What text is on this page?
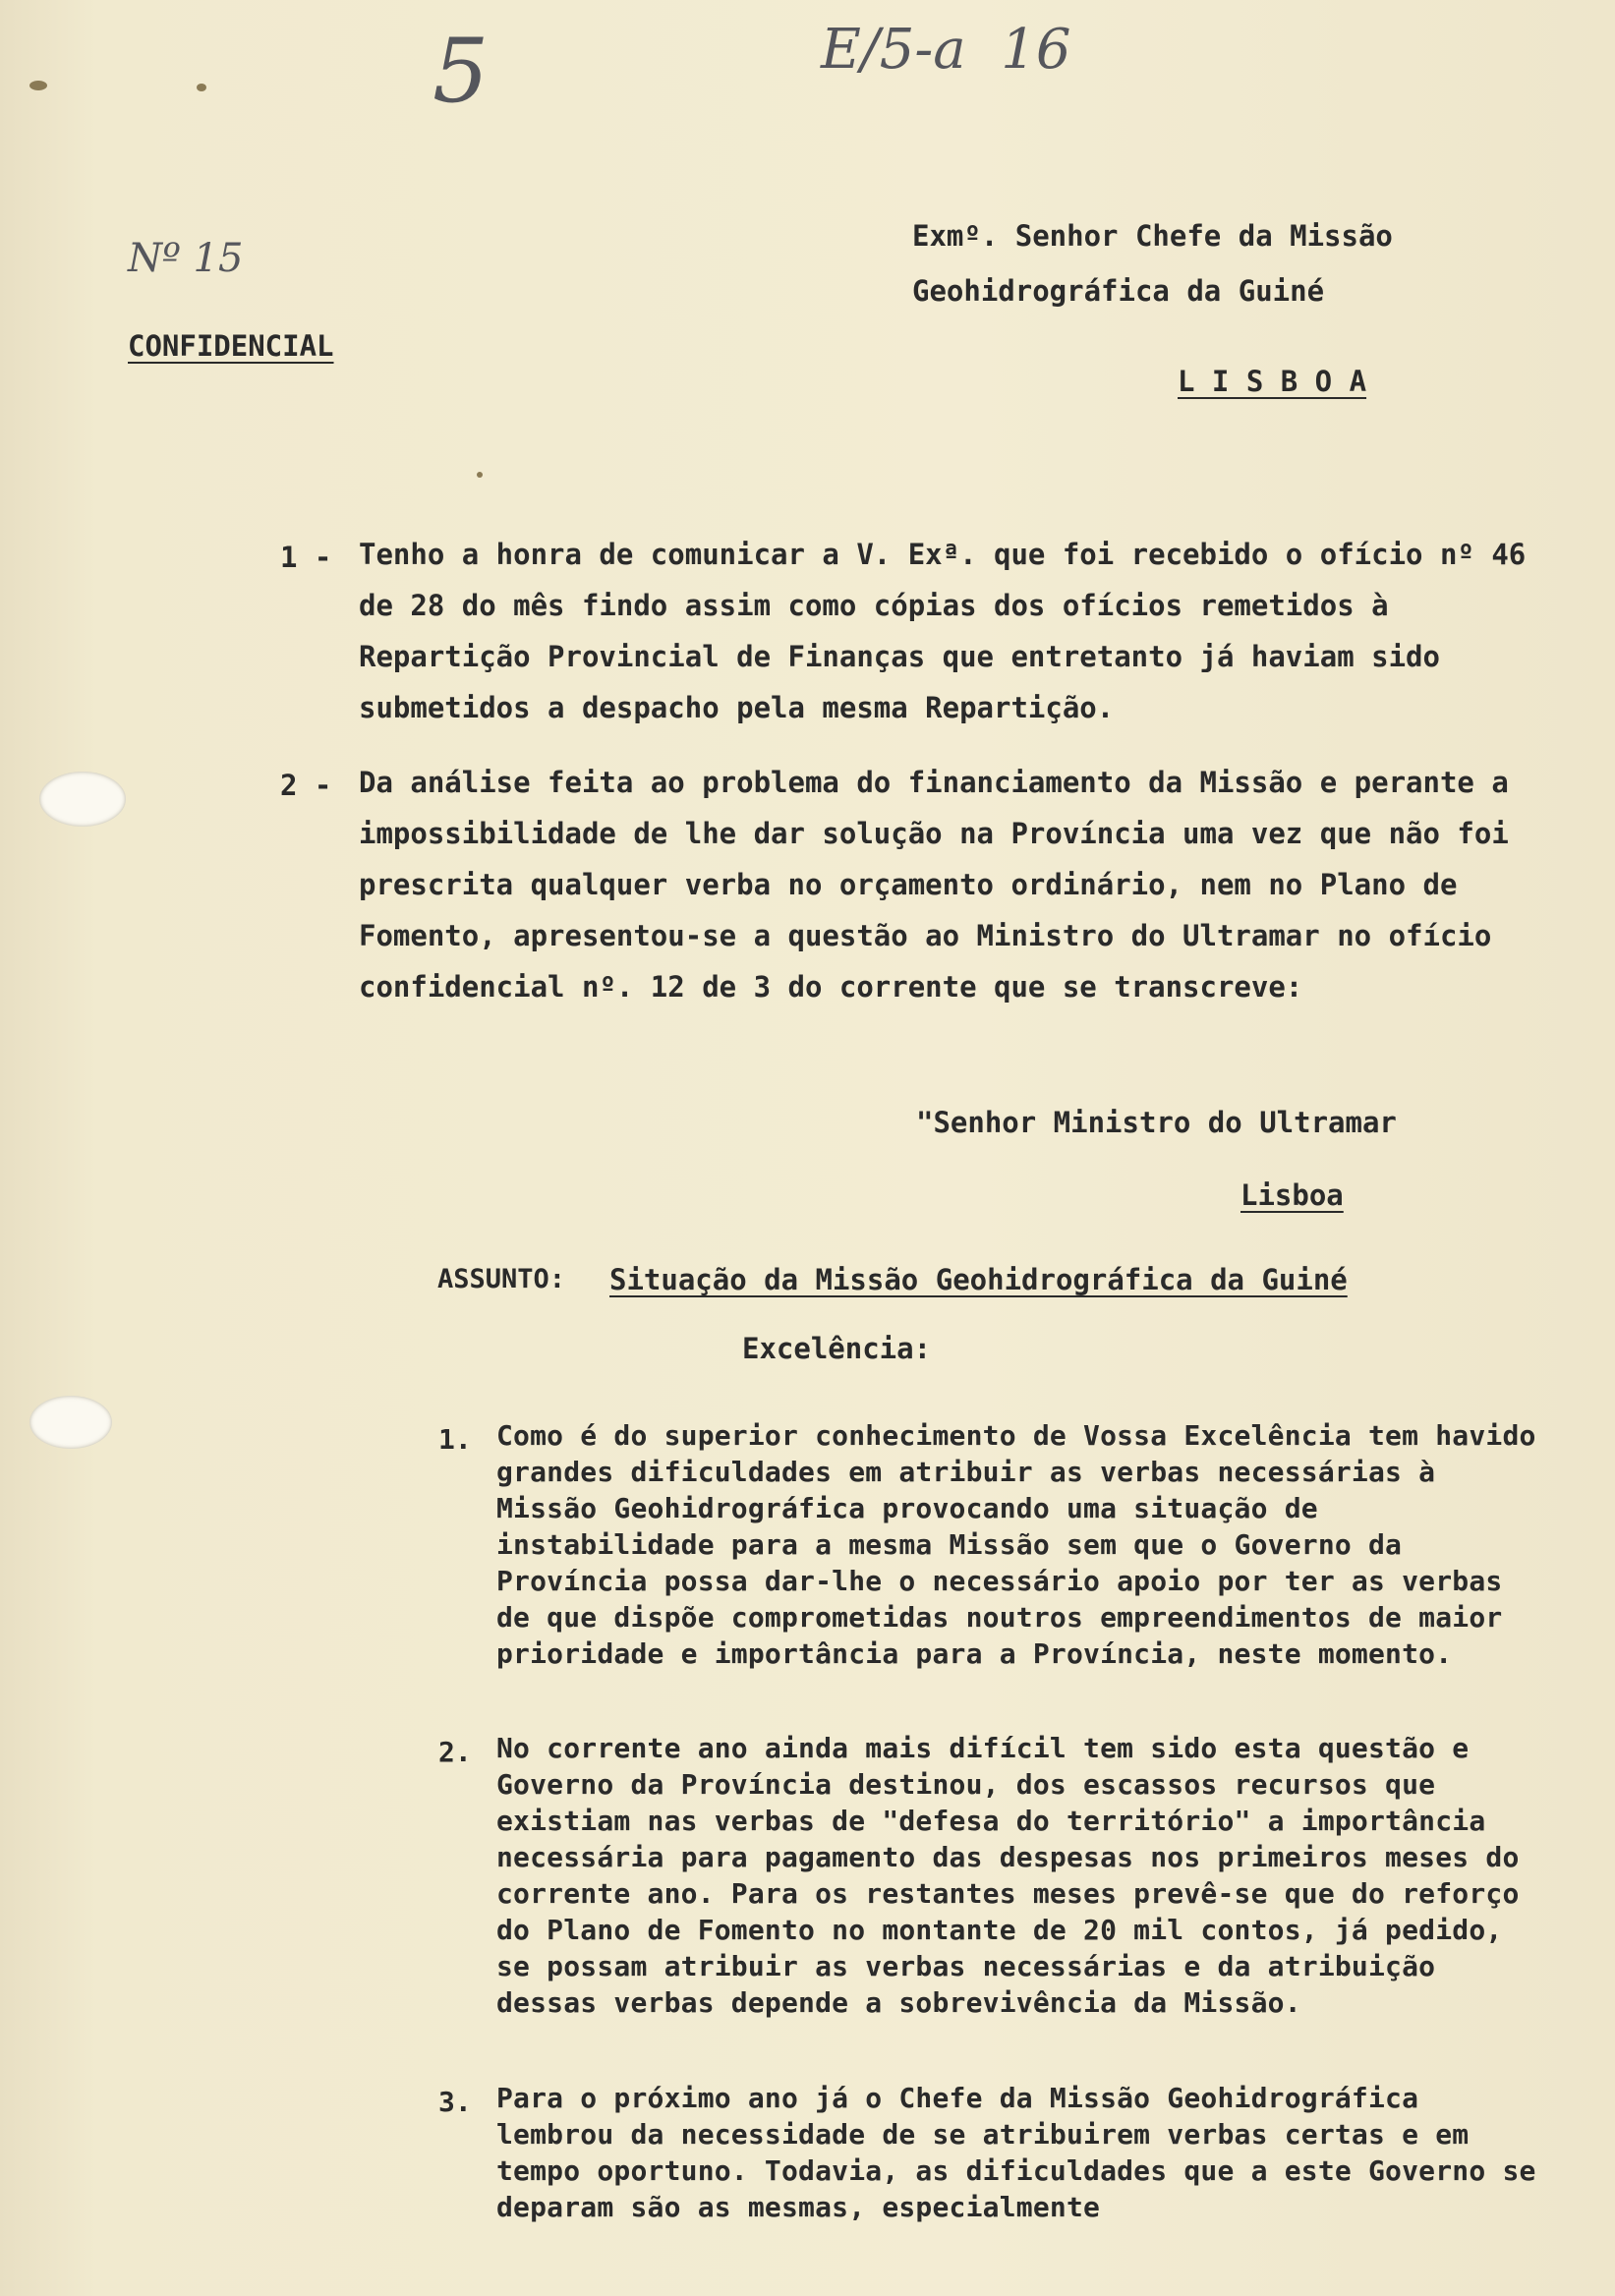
5	E/5-a  16
Nº 15
CONFIDENCIAL
Exmº. Senhor Chefe da Missão
Geohidrográfica da Guiné
L I S B O A
1 - Tenho a honra de comunicar a V. Exª. que foi recebido o ofício nº 46 de 28 do mês findo assim como cópias dos ofícios remetidos à Repartição Provincial de Finanças que entretanto já haviam sido submetidos a despacho pela mesma Repartição.
2 - Da análise feita ao problema do financiamento da Missão e perante a impossibilidade de lhe dar solução na Província uma vez que não foi prescrita qualquer verba no orçamento ordinário, nem no Plano de Fomento, apresentou-se a questão ao Ministro do Ultramar no ofício confidencial nº. 12 de 3 do corrente que se transcreve:
"Senhor Ministro do Ultramar
Lisboa
ASSUNTO: Situação da Missão Geohidrográfica da Guiné
Excelência:
1. Como é do superior conhecimento de Vossa Excelência tem havido grandes dificuldades em atribuir as verbas necessárias à Missão Geohidrográfica provocando uma situação de instabilidade para a mesma Missão sem que o Governo da Província possa dar-lhe o necessário apoio por ter as verbas de que dispõe comprometidas noutros empreendimentos de maior prioridade e importância para a Província, neste momento.
2. No corrente ano ainda mais difícil tem sido esta questão e Governo da Província destinou, dos escassos recursos que existiam nas verbas de "defesa do território" a importância necessária para pagamento das despesas nos primeiros meses do corrente ano. Para os restantes meses prevê-se que do reforço do Plano de Fomento no montante de 20 mil contos, já pedido, se possam atribuir as verbas necessárias e da atribuição dessas verbas depende a sobrevivência da Missão.
3. Para o próximo ano já o Chefe da Missão Geohidrográfica lembrou da necessidade de se atribuirem verbas certas e em tempo oportuno. Todavia, as dificuldades que a este Governo se deparam são as mesmas, especialmente
